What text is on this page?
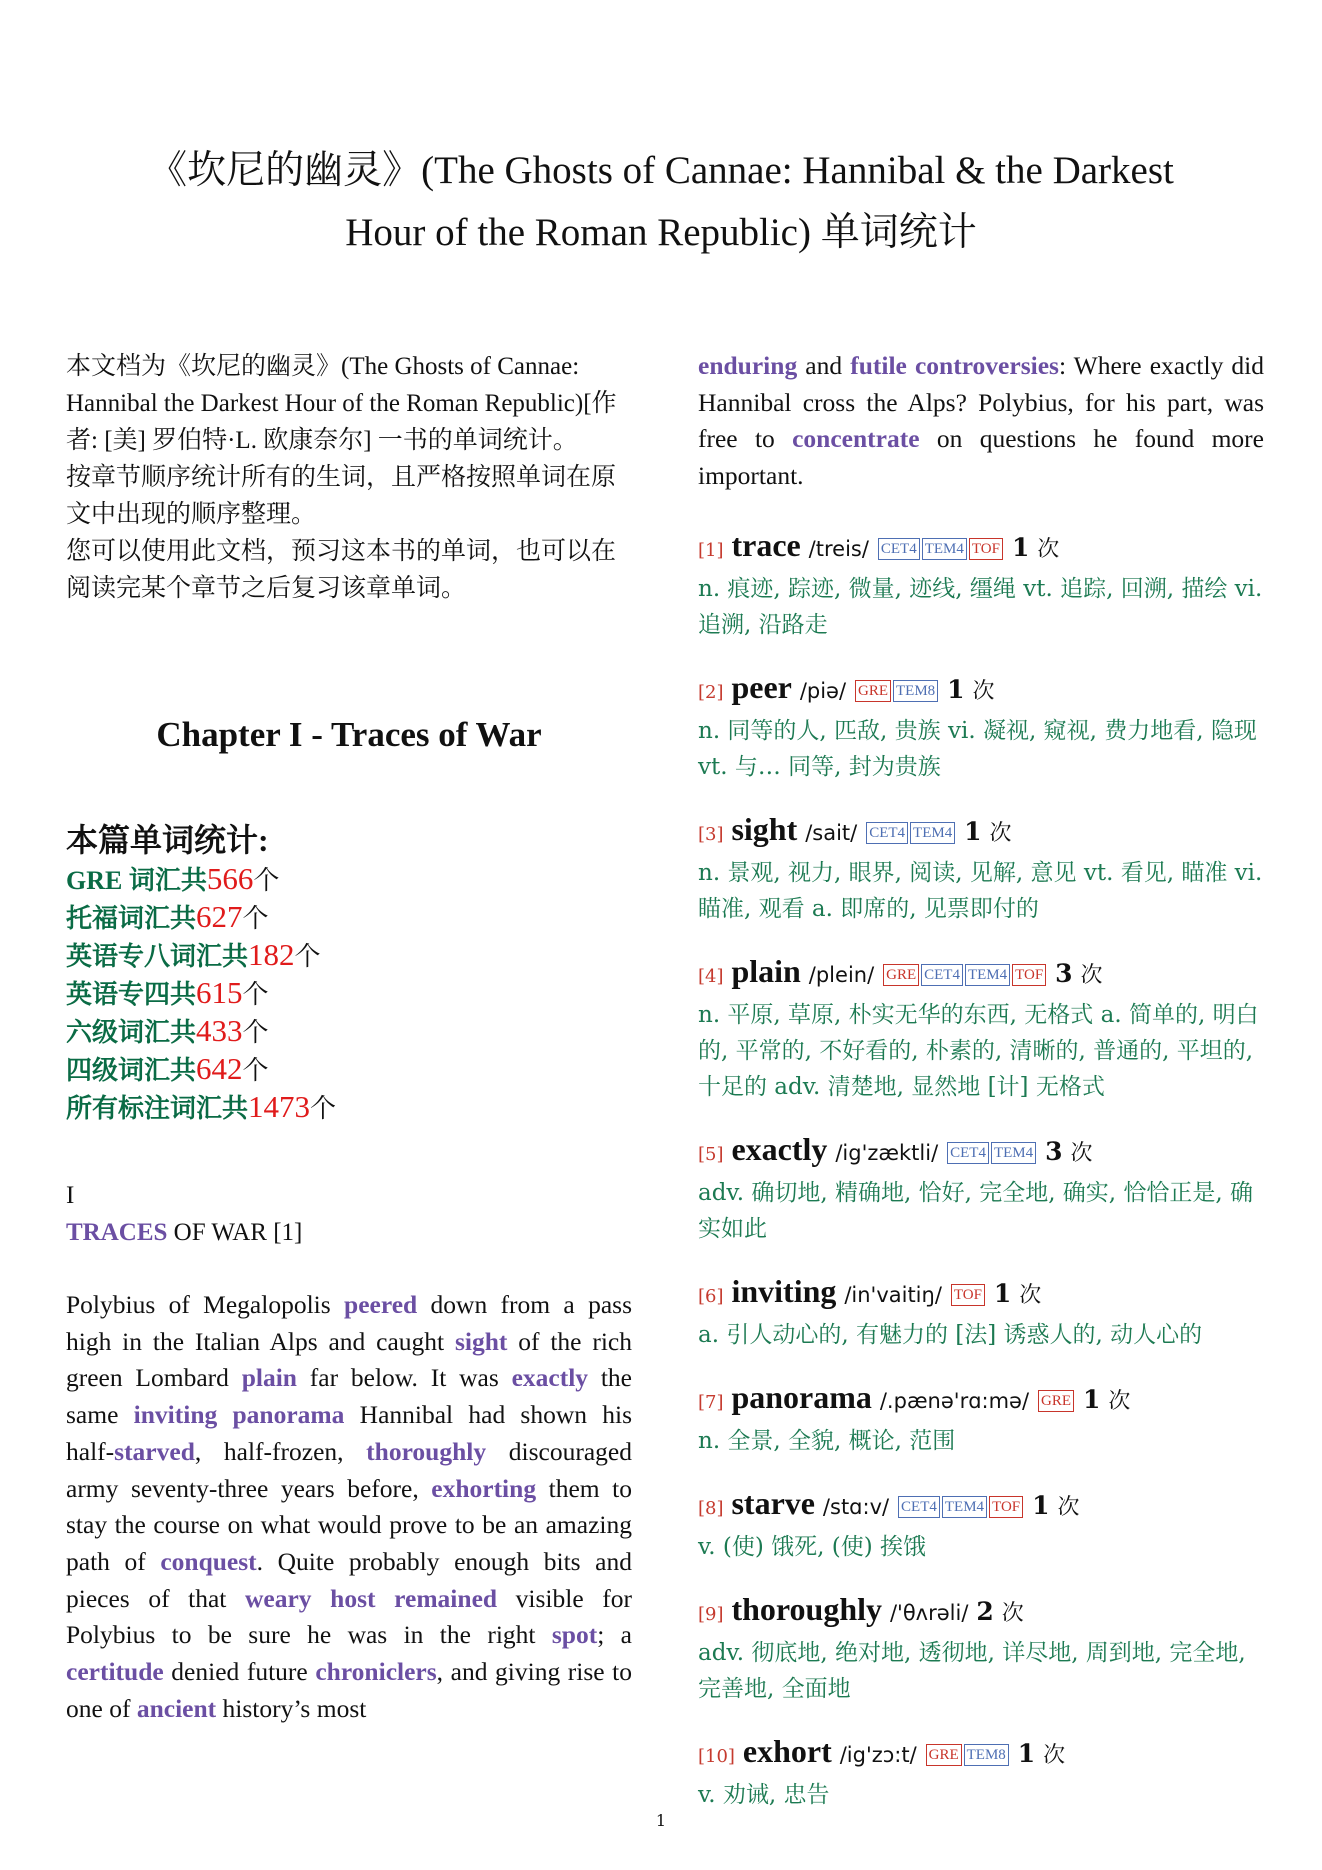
《坎尼的幽灵》(The Ghosts of Cannae: Hannibal & the Darkest
Hour of the Roman Republic) 单词统计

本文档为《坎尼的幽灵》(The Ghosts of Cannae: Hannibal the Darkest Hour of the Roman Republic)[作者: [美] 罗伯特·L. 欧康奈尔] 一书的单词统计。

按章节顺序统计所有的生词，且严格按照单词在原文中出现的顺序整理。

您可以使用此文档，预习这本书的单词，也可以在阅读完某个章节之后复习该章单词。

Chapter I - Traces of War
本篇单词统计:
GRE 词汇共566个
托福词汇共627个
英语专八词汇共182个
英语专四共615个
六级词汇共433个
四级词汇共642个
所有标注词汇共1473个
I
TRACES OF WAR [1]
Polybius of Megalopolis peered down from a pass high in the Italian Alps and caught sight of the rich green Lombard plain far below. It was exactly the same inviting panorama Hannibal had shown his half-starved, half-frozen, thoroughly discouraged army seventy-three years before, exhorting them to stay the course on what would prove to be an amazing path of conquest. Quite probably enough bits and pieces of that weary host remained visible for Polybius to be sure he was in the right spot; a certitude denied future chroniclers, and giving rise to one of ancient history’s most
enduring and futile controversies: Where exactly did Hannibal cross the Alps? Polybius, for his part, was free to concentrate on questions he found more important.
[1] trace /treis/ CET4 TEM4 TOF 1 次
n. 痕迹, 踪迹, 微量, 迹线, 缰绳 vt. 追踪, 回溯, 描绘 vi. 追溯, 沿路走
[2] peer /piə/ GRE TEM8 1 次
n. 同等的人, 匹敌, 贵族 vi. 凝视, 窥视, 费力地看, 隐现 vt. 与… 同等, 封为贵族
[3] sight /sait/ CET4 TEM4 1 次
n. 景观, 视力, 眼界, 阅读, 见解, 意见 vt. 看见, 瞄准 vi. 瞄准, 观看 a. 即席的, 见票即付的
[4] plain /plein/ GRE CET4 TEM4 TOF 3 次
n. 平原, 草原, 朴实无华的东西, 无格式 a. 简单的, 明白的, 平常的, 不好看的, 朴素的, 清晰的, 普通的, 平坦的, 十足的 adv. 清楚地, 显然地 [计] 无格式
[5] exactly /ig'zæktli/ CET4 TEM4 3 次
adv. 确切地, 精确地, 恰好, 完全地, 确实, 恰恰正是, 确实如此
[6] inviting /in'vaitiŋ/ TOF 1 次
a. 引人动心的, 有魅力的 [法] 诱惑人的, 动人心的
[7] panorama /.pænə'rɑ:mə/ GRE 1 次
n. 全景, 全貌, 概论, 范围
[8] starve /stɑ:v/ CET4 TEM4 TOF 1 次
v. (使) 饿死, (使) 挨饿
[9] thoroughly /'θʌrəli/ 2 次
adv. 彻底地, 绝对地, 透彻地, 详尽地, 周到地, 完全地, 完善地, 全面地
[10] exhort /ig'zɔ:t/ GRE TEM8 1 次
v. 劝诫, 忠告
1
